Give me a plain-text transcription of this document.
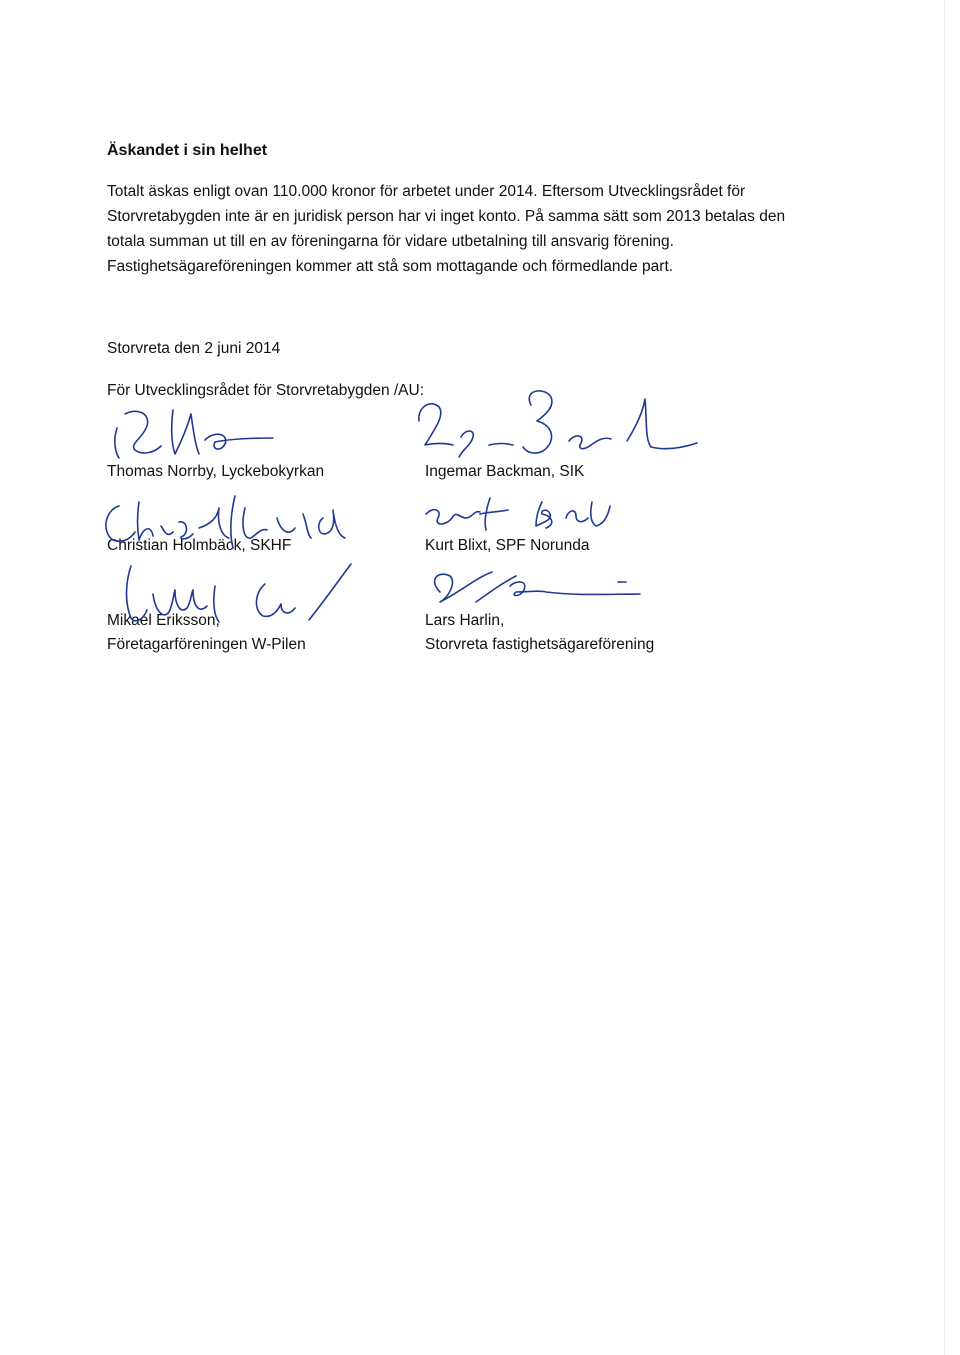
Äskandet i sin helhet

Totalt äskas enligt ovan 110.000 kronor för arbetet under 2014. Eftersom Utvecklingsrådet för

Storvretabygden inte är en juridisk person har vi inget konto. På samma sätt som 2013 betalas den

totala summan ut till en av föreningarna för vidare utbetalning till ansvarig förening.

Fastighetsägareföreningen kommer att stå som mottagande och förmedlande part.

Storvreta den 2 juni 2014
För Utvecklingsrådet för Storvretabygden /AU:
Thomas Norrby, Lyckebokyrkan
Christian Holmbäck, SKHF
Mikael Eriksson,
Företagarföreningen W-Pilen
Ingemar Backman, SIK
Kurt Blixt, SPF Norunda
Lars Harlin,
Storvreta fastighetsägareförening
